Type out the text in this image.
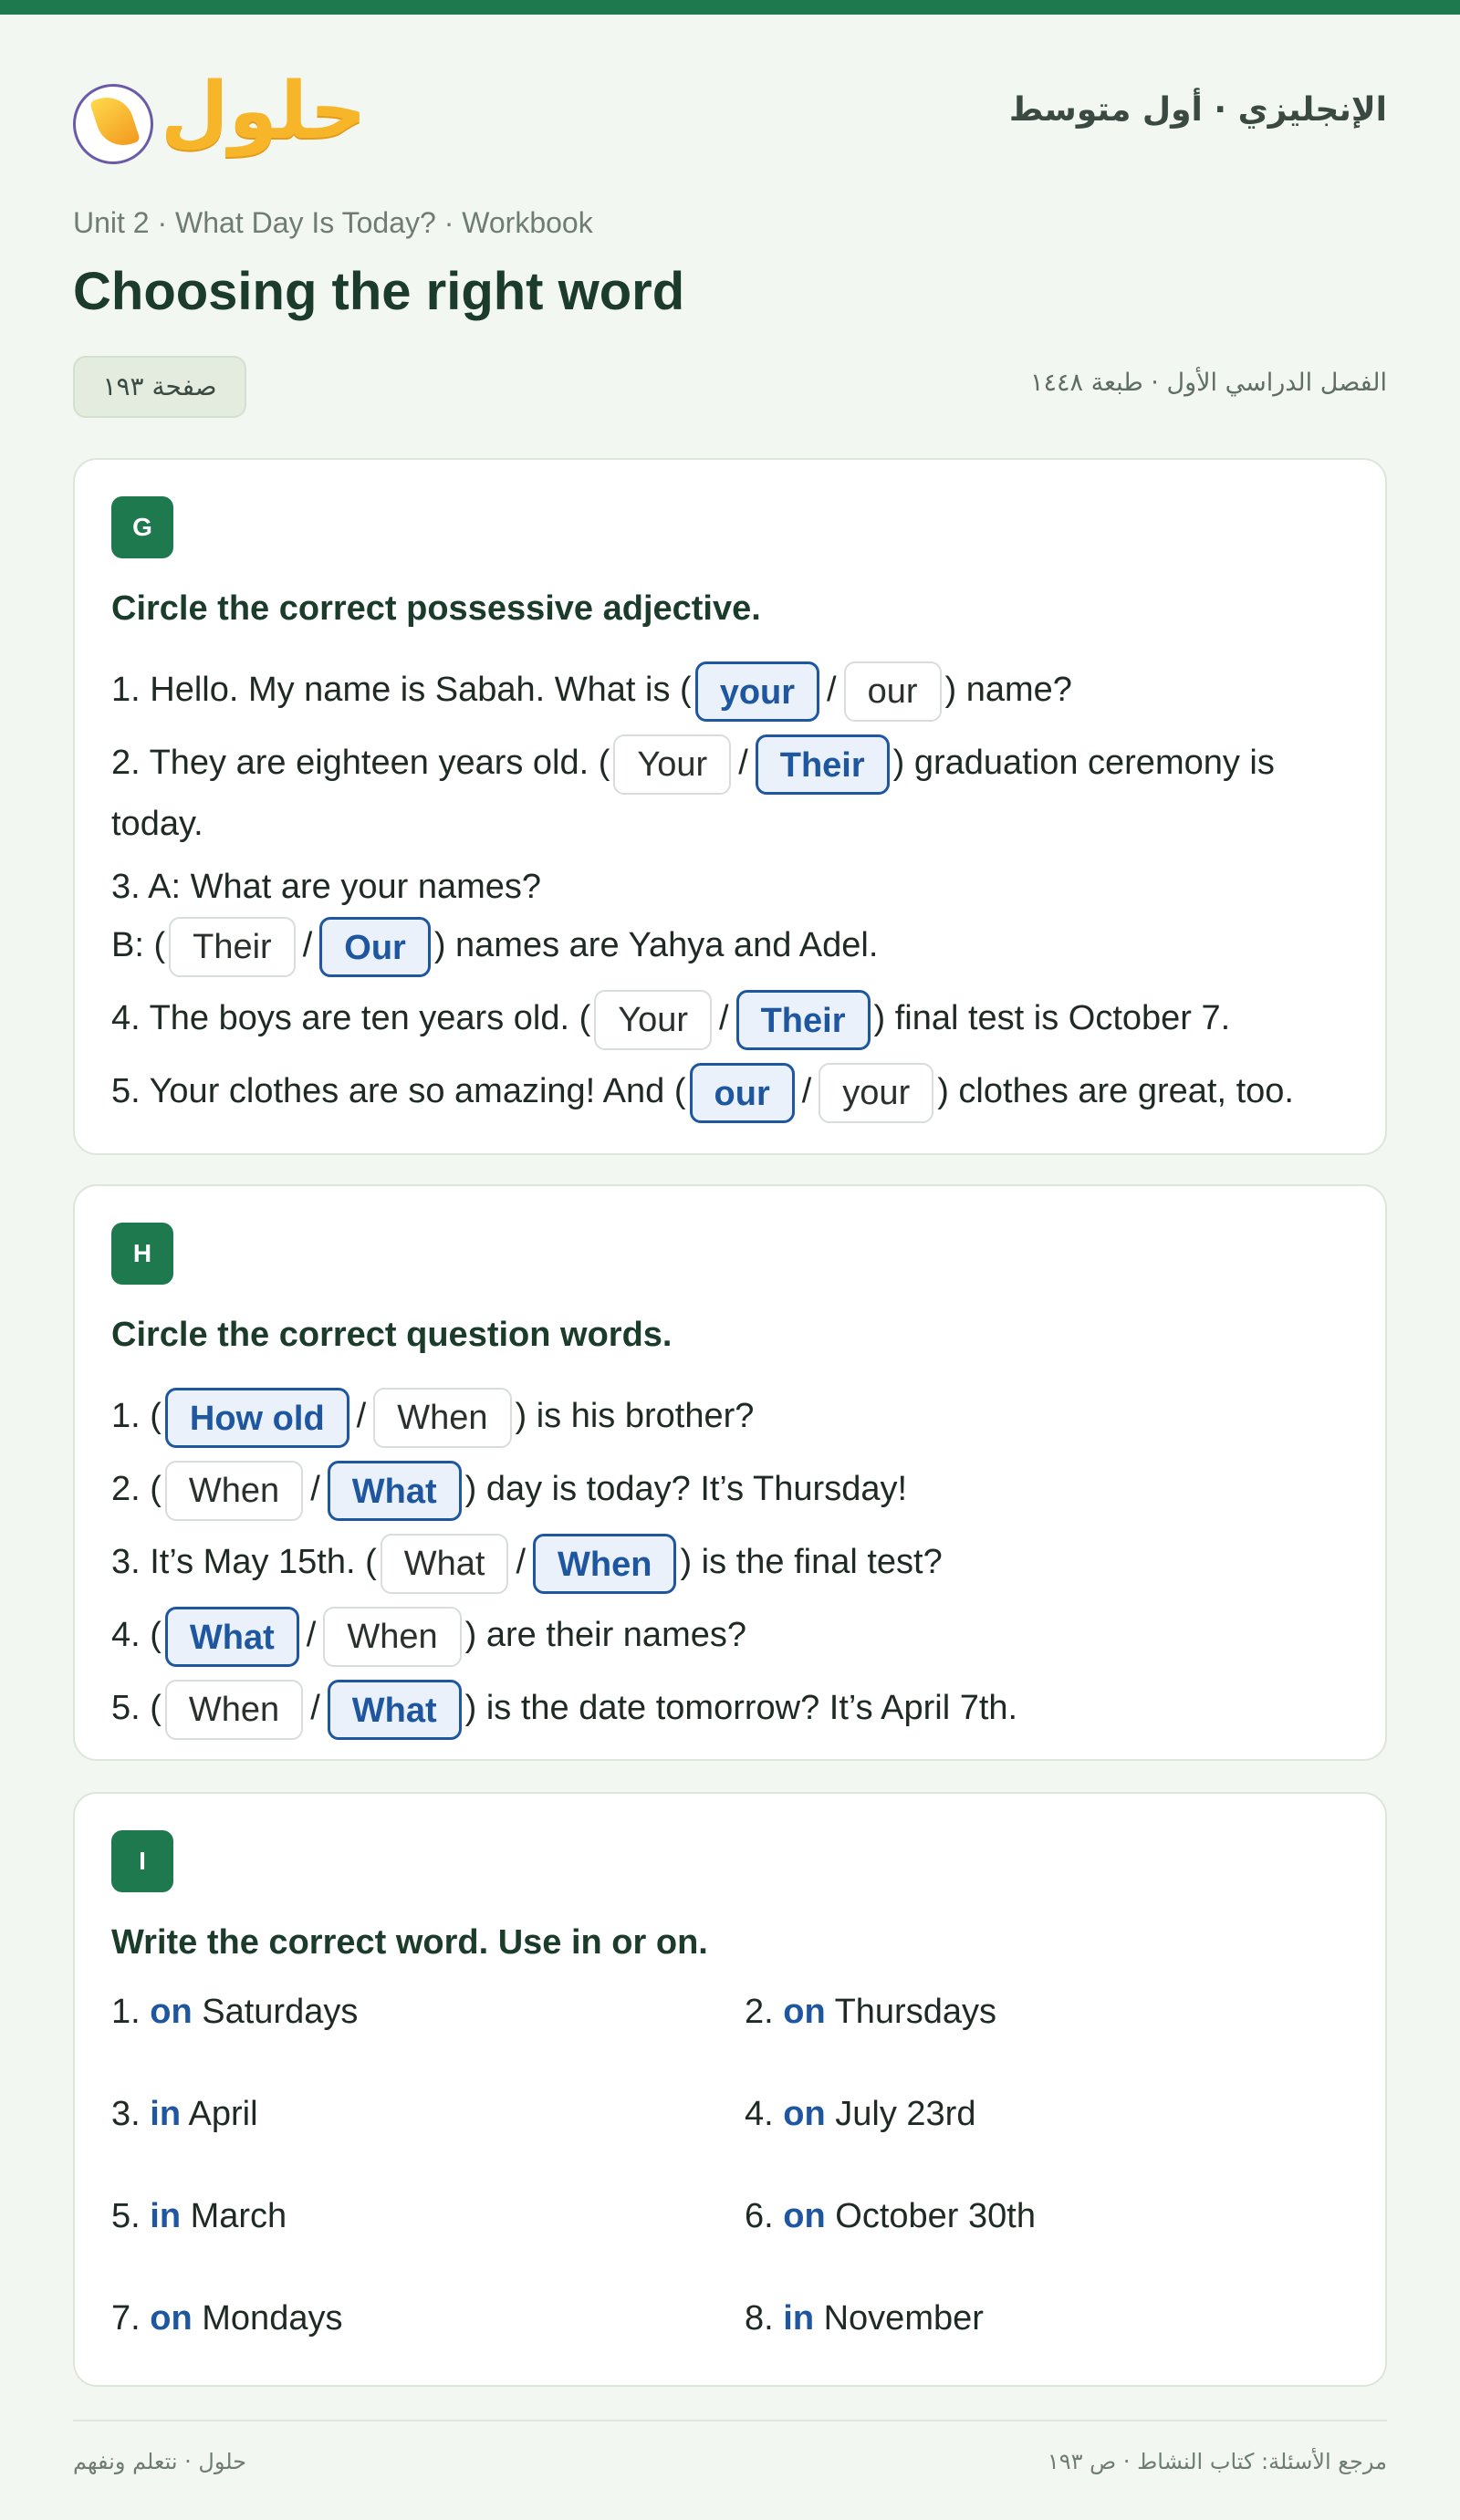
حلول	الإنجليزي · أول متوسط
Unit 2 · What Day Is Today? · Workbook
Choosing the right word
صفحة ١٩٣	الفصل الدراسي الأول · طبعة ١٤٤٨
G
Circle the correct possessive adjective.
1. Hello. My name is Sabah. What is ( your / our ) name?
2. They are eighteen years old. ( Your / Their ) graduation ceremony is today.
3. A: What are your names?
B: ( Their / Our ) names are Yahya and Adel.
4. The boys are ten years old. ( Your / Their ) final test is October 7.
5. Your clothes are so amazing! And ( our / your ) clothes are great, too.
H
Circle the correct question words.
1. ( How old / When ) is his brother?
2. ( When / What ) day is today? It’s Thursday!
3. It’s May 15th. ( What / When ) is the final test?
4. ( What / When ) are their names?
5. ( When / What ) is the date tomorrow? It’s April 7th.
I
Write the correct word. Use in or on.
1. on Saturdays	2. on Thursdays
3. in April	4. on July 23rd
5. in March	6. on October 30th
7. on Mondays	8. in November
حلول · نتعلم ونفهم	مرجع الأسئلة: كتاب النشاط · ص ١٩٣
